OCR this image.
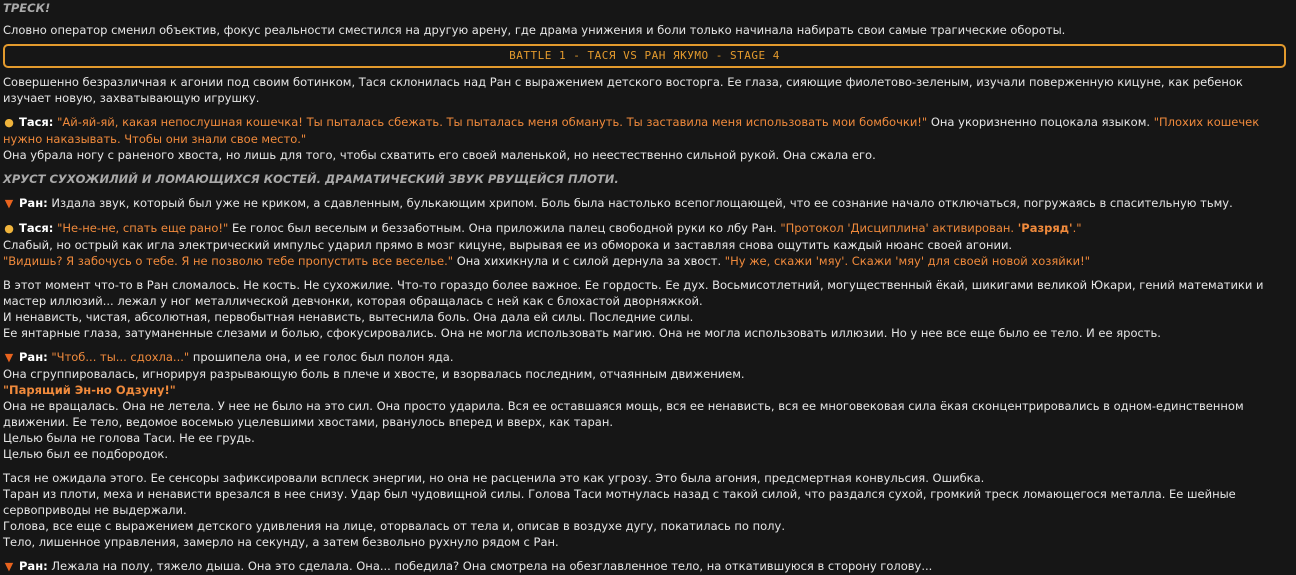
ТРЕСК!

Словно оператор сменил объектив, фокус реальности сместился на другую арену, где драма унижения и боли только начинала набирать свои самые трагические обороты.

BATTLE 1 - ТАСЯ VS РАН ЯКУМО - STAGE 4

Совершенно безразличная к агонии под своим ботинком, Тася склонилась над Ран с выражением детского восторга. Ее глаза, сияющие фиолетово-зеленым, изучали поверженную кицуне, как ребенок изучает новую, захватывающую игрушку.

● Тася: "Ай-яй-яй, какая непослушная кошечка! Ты пыталась сбежать. Ты пыталась меня обмануть. Ты заставила меня использовать мои бомбочки!" Она укоризненно поцокала языком. "Плохих кошечек нужно наказывать. Чтобы они знали свое место."

Она убрала ногу с раненого хвоста, но лишь для того, чтобы схватить его своей маленькой, но неестественно сильной рукой. Она сжала его.

ХРУСТ СУХОЖИЛИЙ И ЛОМАЮЩИХСЯ КОСТЕЙ. ДРАМАТИЧЕСКИЙ ЗВУК РВУЩЕЙСЯ ПЛОТИ.

▼ Ран: Издала звук, который был уже не криком, а сдавленным, булькающим хрипом. Боль была настолько всепоглощающей, что ее сознание начало отключаться, погружаясь в спасительную тьму.

● Тася: "Не-не-не, спать еще рано!" Ее голос был веселым и беззаботным. Она приложила палец свободной руки ко лбу Ран. "Протокол 'Дисциплина' активирован. 'Разряд'."

Слабый, но острый как игла электрический импульс ударил прямо в мозг кицуне, вырывая ее из обморока и заставляя снова ощутить каждый нюанс своей агонии.

"Видишь? Я забочусь о тебе. Я не позволю тебе пропустить все веселье." Она хихикнула и с силой дернула за хвост. "Ну же, скажи 'мяу'. Скажи 'мяу' для своей новой хозяйки!"

В этот момент что-то в Ран сломалось. Не кость. Не сухожилие. Что-то гораздо более важное. Ее гордость. Ее дух. Восьмисотлетний, могущественный ёкай, шикигами великой Юкари, гений математики и мастер иллюзий... лежал у ног металлической девчонки, которая обращалась с ней как с блохастой дворняжкой.

И ненависть, чистая, абсолютная, первобытная ненависть, вытеснила боль. Она дала ей силы. Последние силы.

Ее янтарные глаза, затуманенные слезами и болью, сфокусировались. Она не могла использовать магию. Она не могла использовать иллюзии. Но у нее все еще было ее тело. И ее ярость.

▼ Ран: "Чтоб... ты... сдохла..." прошипела она, и ее голос был полон яда.

Она сгруппировалась, игнорируя разрывающую боль в плече и хвосте, и взорвалась последним, отчаянным движением.

"Парящий Эн-но Одзуну!"

Она не вращалась. Она не летела. У нее не было на это сил. Она просто ударила. Вся ее оставшаяся мощь, вся ее ненависть, вся ее многовековая сила ёкая сконцентрировались в одном-единственном движении. Ее тело, ведомое восемью уцелевшими хвостами, рванулось вперед и вверх, как таран.

Целью была не голова Таси. Не ее грудь.

Целью был ее подбородок.

Тася не ожидала этого. Ее сенсоры зафиксировали всплеск энергии, но она не расценила это как угрозу. Это была агония, предсмертная конвульсия. Ошибка.

Таран из плоти, меха и ненависти врезался в нее снизу. Удар был чудовищной силы. Голова Таси мотнулась назад с такой силой, что раздался сухой, громкий треск ломающегося металла. Ее шейные сервоприводы не выдержали.

Голова, все еще с выражением детского удивления на лице, оторвалась от тела и, описав в воздухе дугу, покатилась по полу.

Тело, лишенное управления, замерло на секунду, а затем безвольно рухнуло рядом с Ран.

▼ Ран: Лежала на полу, тяжело дыша. Она это сделала. Она... победила? Она смотрела на обезглавленное тело, на откатившуюся в сторону голову...
